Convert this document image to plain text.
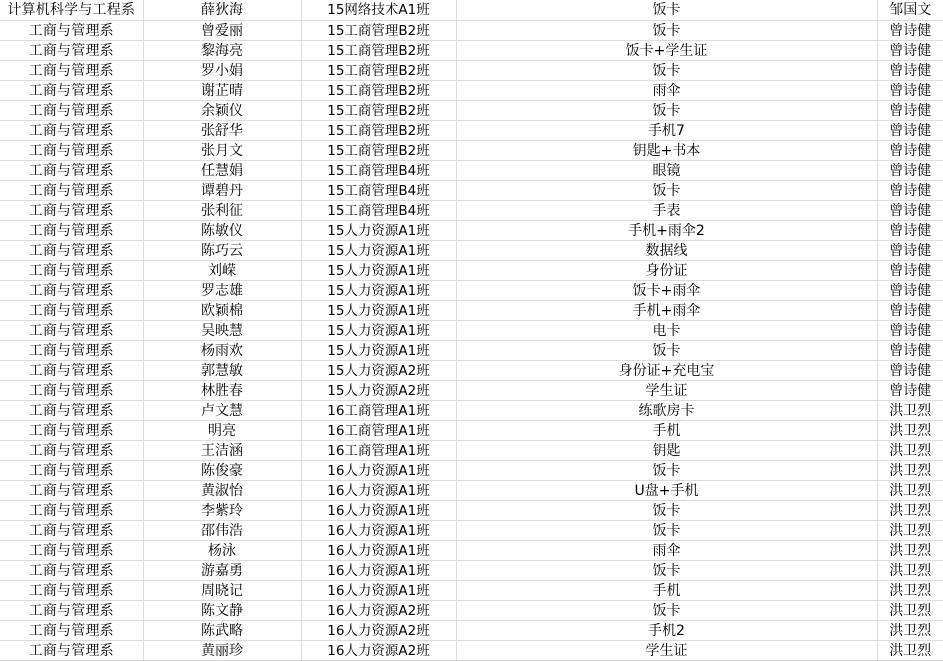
计算机科学与工程系	薛狄海	15网络技术A1班	饭卡	邹国文
工商与管理系	曾爱丽	15工商管理B2班	饭卡	曾诗健
工商与管理系	黎海亮	15工商管理B2班	饭卡+学生证	曾诗健
工商与管理系	罗小娟	15工商管理B2班	饭卡	曾诗健
工商与管理系	谢芷晴	15工商管理B2班	雨伞	曾诗健
工商与管理系	余颖仪	15工商管理B2班	饭卡	曾诗健
工商与管理系	张舒华	15工商管理B2班	手机7	曾诗健
工商与管理系	张月文	15工商管理B2班	钥匙+书本	曾诗健
工商与管理系	任慧娟	15工商管理B4班	眼镜	曾诗健
工商与管理系	谭碧丹	15工商管理B4班	饭卡	曾诗健
工商与管理系	张利征	15工商管理B4班	手表	曾诗健
工商与管理系	陈敏仪	15人力资源A1班	手机+雨伞2	曾诗健
工商与管理系	陈巧云	15人力资源A1班	数据线	曾诗健
工商与管理系	刘嵘	15人力资源A1班	身份证	曾诗健
工商与管理系	罗志雄	15人力资源A1班	饭卡+雨伞	曾诗健
工商与管理系	欧颖棉	15人力资源A1班	手机+雨伞	曾诗健
工商与管理系	吴映慧	15人力资源A1班	电卡	曾诗健
工商与管理系	杨雨欢	15人力资源A1班	饭卡	曾诗健
工商与管理系	郭慧敏	15人力资源A2班	身份证+充电宝	曾诗健
工商与管理系	林胜春	15人力资源A2班	学生证	曾诗健
工商与管理系	卢文慧	16工商管理A1班	练歌房卡	洪卫烈
工商与管理系	明亮	16工商管理A1班	手机	洪卫烈
工商与管理系	王洁涵	16工商管理A1班	钥匙	洪卫烈
工商与管理系	陈俊豪	16人力资源A1班	饭卡	洪卫烈
工商与管理系	黄淑怡	16人力资源A1班	U盘+手机	洪卫烈
工商与管理系	李紫玲	16人力资源A1班	饭卡	洪卫烈
工商与管理系	邵伟浩	16人力资源A1班	饭卡	洪卫烈
工商与管理系	杨泳	16人力资源A1班	雨伞	洪卫烈
工商与管理系	游嘉勇	16人力资源A1班	饭卡	洪卫烈
工商与管理系	周晓记	16人力资源A1班	手机	洪卫烈
工商与管理系	陈文静	16人力资源A2班	饭卡	洪卫烈
工商与管理系	陈武略	16人力资源A2班	手机2	洪卫烈
工商与管理系	黄丽珍	16人力资源A2班	学生证	洪卫烈
